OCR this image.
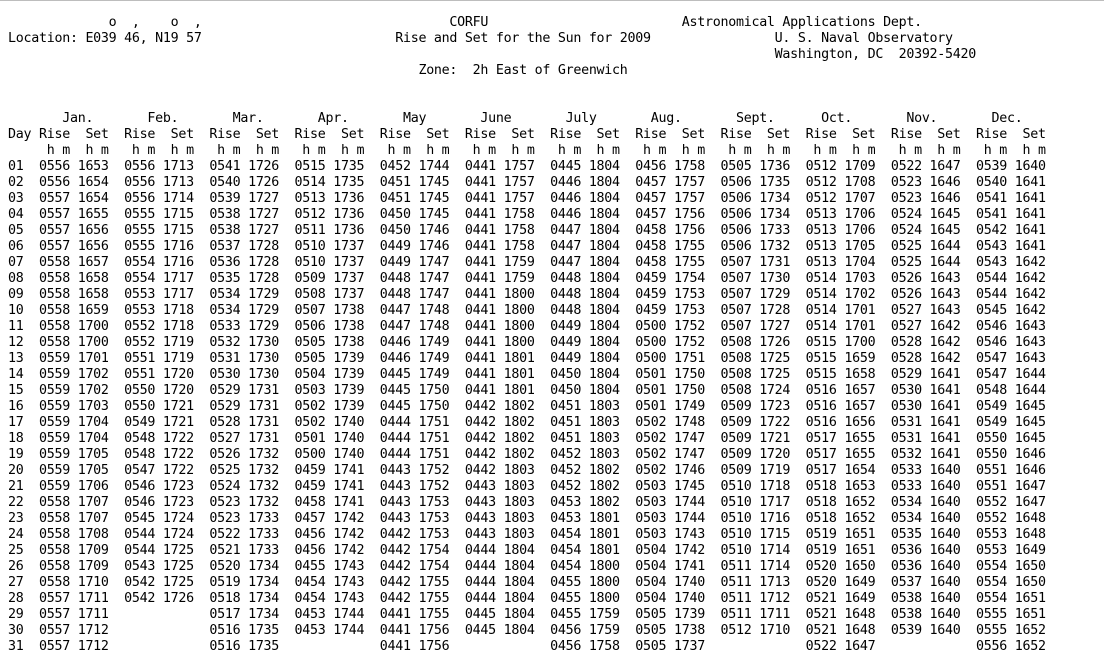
o  ,    o  ,                                CORFU                         Astronomical Applications Dept.

Location: E039 46, N19 57                         Rise and Set for the Sun for 2009                U. S. Naval Observatory

Washington, DC  20392-5420

Zone:  2h East of Greenwich

Jan.       Feb.       Mar.       Apr.       May       June       July       Aug.       Sept.      Oct.       Nov.       Dec.

Day Rise  Set  Rise  Set  Rise  Set  Rise  Set  Rise  Set  Rise  Set  Rise  Set  Rise  Set  Rise  Set  Rise  Set  Rise  Set  Rise  Set

h m  h m   h m  h m   h m  h m   h m  h m   h m  h m   h m  h m   h m  h m   h m  h m   h m  h m   h m  h m   h m  h m   h m  h m

01  0556 1653  0556 1713  0541 1726  0515 1735  0452 1744  0441 1757  0445 1804  0456 1758  0505 1736  0512 1709  0522 1647  0539 1640
02  0556 1654  0556 1713  0540 1726  0514 1735  0451 1745  0441 1757  0446 1804  0457 1757  0506 1735  0512 1708  0523 1646  0540 1641
03  0557 1654  0556 1714  0539 1727  0513 1736  0451 1745  0441 1757  0446 1804  0457 1757  0506 1734  0512 1707  0523 1646  0541 1641
04  0557 1655  0555 1715  0538 1727  0512 1736  0450 1745  0441 1758  0446 1804  0457 1756  0506 1734  0513 1706  0524 1645  0541 1641
05  0557 1656  0555 1715  0538 1727  0511 1736  0450 1746  0441 1758  0447 1804  0458 1756  0506 1733  0513 1706  0524 1645  0542 1641
06  0557 1656  0555 1716  0537 1728  0510 1737  0449 1746  0441 1758  0447 1804  0458 1755  0506 1732  0513 1705  0525 1644  0543 1641
07  0558 1657  0554 1716  0536 1728  0510 1737  0449 1747  0441 1759  0447 1804  0458 1755  0507 1731  0513 1704  0525 1644  0543 1642
08  0558 1658  0554 1717  0535 1728  0509 1737  0448 1747  0441 1759  0448 1804  0459 1754  0507 1730  0514 1703  0526 1643  0544 1642
09  0558 1658  0553 1717  0534 1729  0508 1737  0448 1747  0441 1800  0448 1804  0459 1753  0507 1729  0514 1702  0526 1643  0544 1642
10  0558 1659  0553 1718  0534 1729  0507 1738  0447 1748  0441 1800  0448 1804  0459 1753  0507 1728  0514 1701  0527 1643  0545 1642
11  0558 1700  0552 1718  0533 1729  0506 1738  0447 1748  0441 1800  0449 1804  0500 1752  0507 1727  0514 1701  0527 1642  0546 1643
12  0558 1700  0552 1719  0532 1730  0505 1738  0446 1749  0441 1800  0449 1804  0500 1752  0508 1726  0515 1700  0528 1642  0546 1643
13  0559 1701  0551 1719  0531 1730  0505 1739  0446 1749  0441 1801  0449 1804  0500 1751  0508 1725  0515 1659  0528 1642  0547 1643
14  0559 1702  0551 1720  0530 1730  0504 1739  0445 1749  0441 1801  0450 1804  0501 1750  0508 1725  0515 1658  0529 1641  0547 1644
15  0559 1702  0550 1720  0529 1731  0503 1739  0445 1750  0441 1801  0450 1804  0501 1750  0508 1724  0516 1657  0530 1641  0548 1644
16  0559 1703  0550 1721  0529 1731  0502 1739  0445 1750  0442 1802  0451 1803  0501 1749  0509 1723  0516 1657  0530 1641  0549 1645
17  0559 1704  0549 1721  0528 1731  0502 1740  0444 1751  0442 1802  0451 1803  0502 1748  0509 1722  0516 1656  0531 1641  0549 1645
18  0559 1704  0548 1722  0527 1731  0501 1740  0444 1751  0442 1802  0451 1803  0502 1747  0509 1721  0517 1655  0531 1641  0550 1645
19  0559 1705  0548 1722  0526 1732  0500 1740  0444 1751  0442 1802  0452 1803  0502 1747  0509 1720  0517 1655  0532 1641  0550 1646
20  0559 1705  0547 1722  0525 1732  0459 1741  0443 1752  0442 1803  0452 1802  0502 1746  0509 1719  0517 1654  0533 1640  0551 1646
21  0559 1706  0546 1723  0524 1732  0459 1741  0443 1752  0443 1803  0452 1802  0503 1745  0510 1718  0518 1653  0533 1640  0551 1647
22  0558 1707  0546 1723  0523 1732  0458 1741  0443 1753  0443 1803  0453 1802  0503 1744  0510 1717  0518 1652  0534 1640  0552 1647
23  0558 1707  0545 1724  0523 1733  0457 1742  0443 1753  0443 1803  0453 1801  0503 1744  0510 1716  0518 1652  0534 1640  0552 1648
24  0558 1708  0544 1724  0522 1733  0456 1742  0442 1753  0443 1803  0454 1801  0503 1743  0510 1715  0519 1651  0535 1640  0553 1648
25  0558 1709  0544 1725  0521 1733  0456 1742  0442 1754  0444 1804  0454 1801  0504 1742  0510 1714  0519 1651  0536 1640  0553 1649
26  0558 1709  0543 1725  0520 1734  0455 1743  0442 1754  0444 1804  0454 1800  0504 1741  0511 1714  0520 1650  0536 1640  0554 1650
27  0558 1710  0542 1725  0519 1734  0454 1743  0442 1755  0444 1804  0455 1800  0504 1740  0511 1713  0520 1649  0537 1640  0554 1650
28  0557 1711  0542 1726  0518 1734  0454 1743  0442 1755  0444 1804  0455 1800  0504 1740  0511 1712  0521 1649  0538 1640  0554 1651
29  0557 1711             0517 1734  0453 1744  0441 1755  0445 1804  0455 1759  0505 1739  0511 1711  0521 1648  0538 1640  0555 1651
30  0557 1712             0516 1735  0453 1744  0441 1756  0445 1804  0456 1759  0505 1738  0512 1710  0521 1648  0539 1640  0555 1652
31  0557 1712             0516 1735             0441 1756             0456 1758  0505 1737             0522 1647             0556 1652
